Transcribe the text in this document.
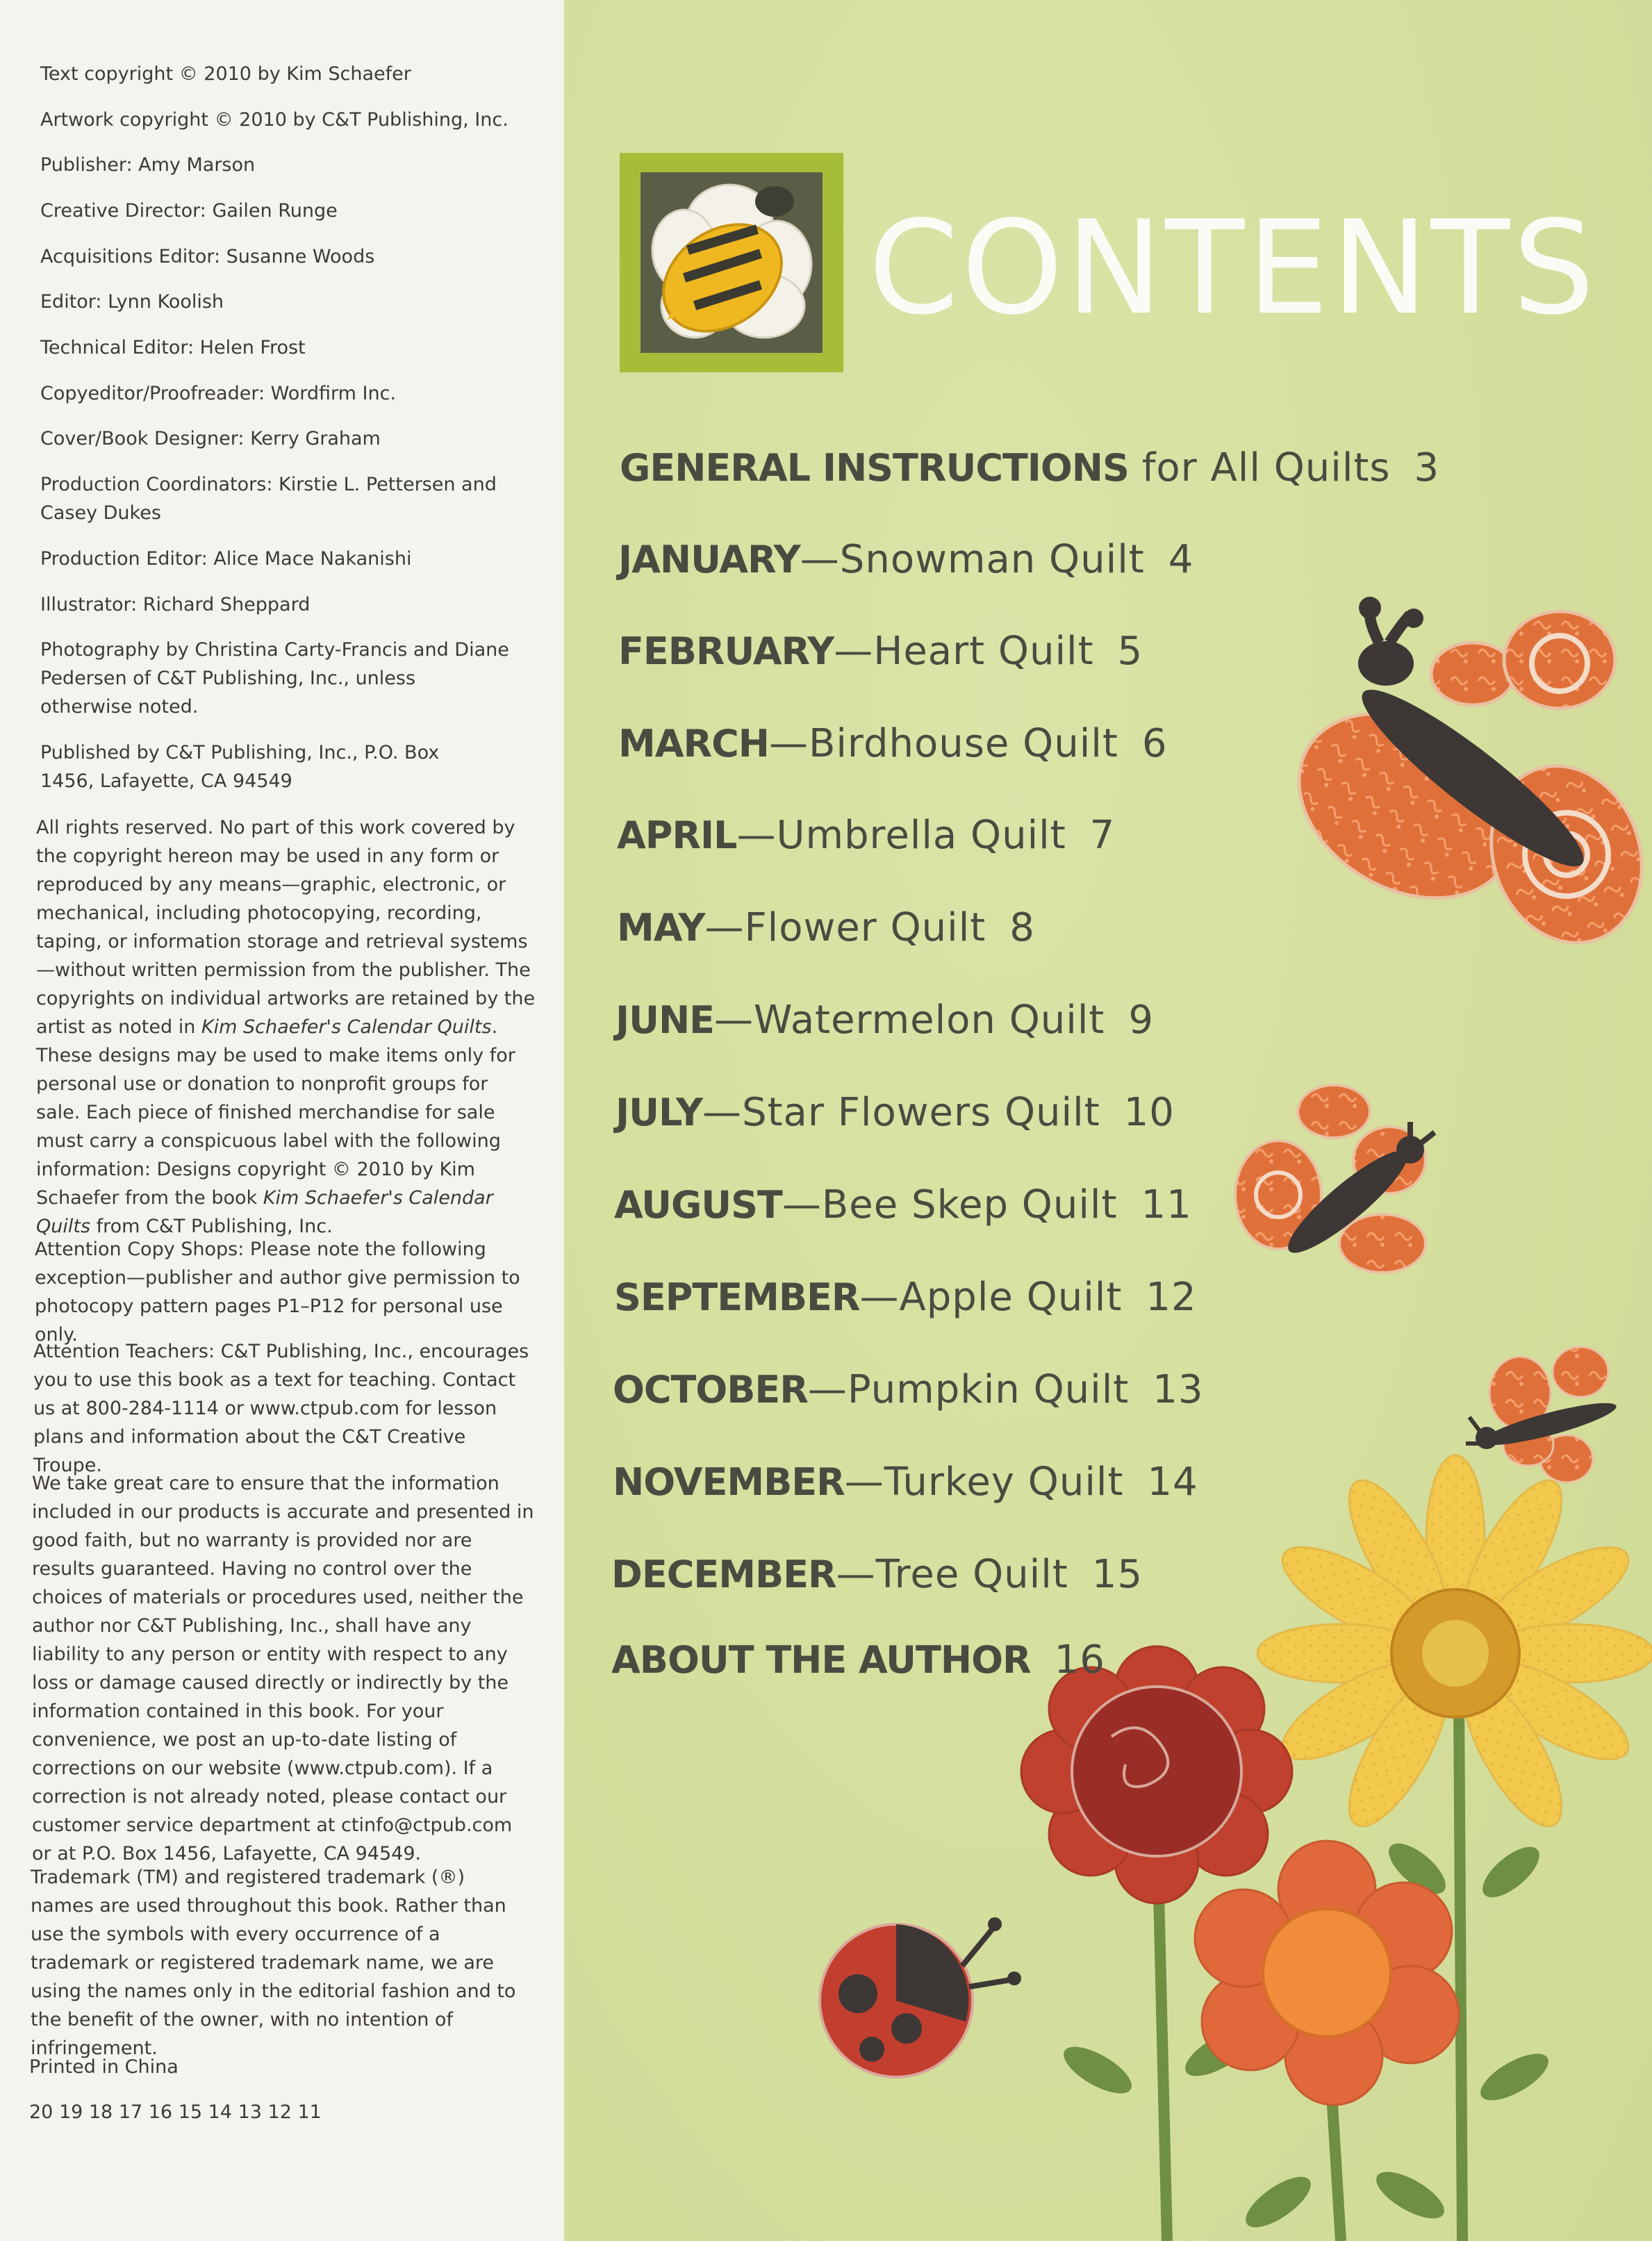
Text copyright © 2010 by Kim Schaefer
Artwork copyright © 2010 by C&T Publishing, Inc.
Publisher: Amy Marson
Creative Director: Gailen Runge
Acquisitions Editor: Susanne Woods
Editor: Lynn Koolish
Technical Editor: Helen Frost
Copyeditor/Proofreader: Wordfirm Inc.
Cover/Book Designer: Kerry Graham
Production Coordinators: Kirstie L. Pettersen and Casey Dukes
Production Editor: Alice Mace Nakanishi
Illustrator: Richard Sheppard
Photography by Christina Carty-Francis and Diane Pedersen of C&T Publishing, Inc., unless otherwise noted.
Published by C&T Publishing, Inc., P.O. Box 1456, Lafayette, CA 94549
All rights reserved. No part of this work covered by the copyright hereon may be used in any form or reproduced by any means—graphic, electronic, or mechanical, including photocopying, recording, taping, or information storage and retrieval systems—without written permission from the publisher. The copyrights on individual artworks are retained by the artist as noted in Kim Schaefer's Calendar Quilts. These designs may be used to make items only for personal use or donation to nonprofit groups for sale. Each piece of finished merchandise for sale must carry a conspicuous label with the following information: Designs copyright © 2010 by Kim Schaefer from the book Kim Schaefer's Calendar Quilts from C&T Publishing, Inc.
Attention Copy Shops: Please note the following exception—publisher and author give permission to photocopy pattern pages P1–P12 for personal use only.
Attention Teachers: C&T Publishing, Inc., encourages you to use this book as a text for teaching. Contact us at 800-284-1114 or www.ctpub.com for lesson plans and information about the C&T Creative Troupe.
We take great care to ensure that the information included in our products is accurate and presented in good faith, but no warranty is provided nor are results guaranteed. Having no control over the choices of materials or procedures used, neither the author nor C&T Publishing, Inc., shall have any liability to any person or entity with respect to any loss or damage caused directly or indirectly by the information contained in this book. For your convenience, we post an up-to-date listing of corrections on our website (www.ctpub.com). If a correction is not already noted, please contact our customer service department at ctinfo@ctpub.com or at P.O. Box 1456, Lafayette, CA 94549.
Trademark (TM) and registered trademark (®) names are used throughout this book. Rather than use the symbols with every occurrence of a trademark or registered trademark name, we are using the names only in the editorial fashion and to the benefit of the owner, with no intention of infringement.
Printed in China
20 19 18 17 16 15 14 13 12 11
CONTENTS
GENERAL INSTRUCTIONS for All Quilts 3
JANUARY—Snowman Quilt 4
FEBRUARY—Heart Quilt 5
MARCH—Birdhouse Quilt 6
APRIL—Umbrella Quilt 7
MAY—Flower Quilt 8
JUNE—Watermelon Quilt 9
JULY—Star Flowers Quilt 10
AUGUST—Bee Skep Quilt 11
SEPTEMBER—Apple Quilt 12
OCTOBER—Pumpkin Quilt 13
NOVEMBER—Turkey Quilt 14
DECEMBER—Tree Quilt 15
ABOUT THE AUTHOR 16
